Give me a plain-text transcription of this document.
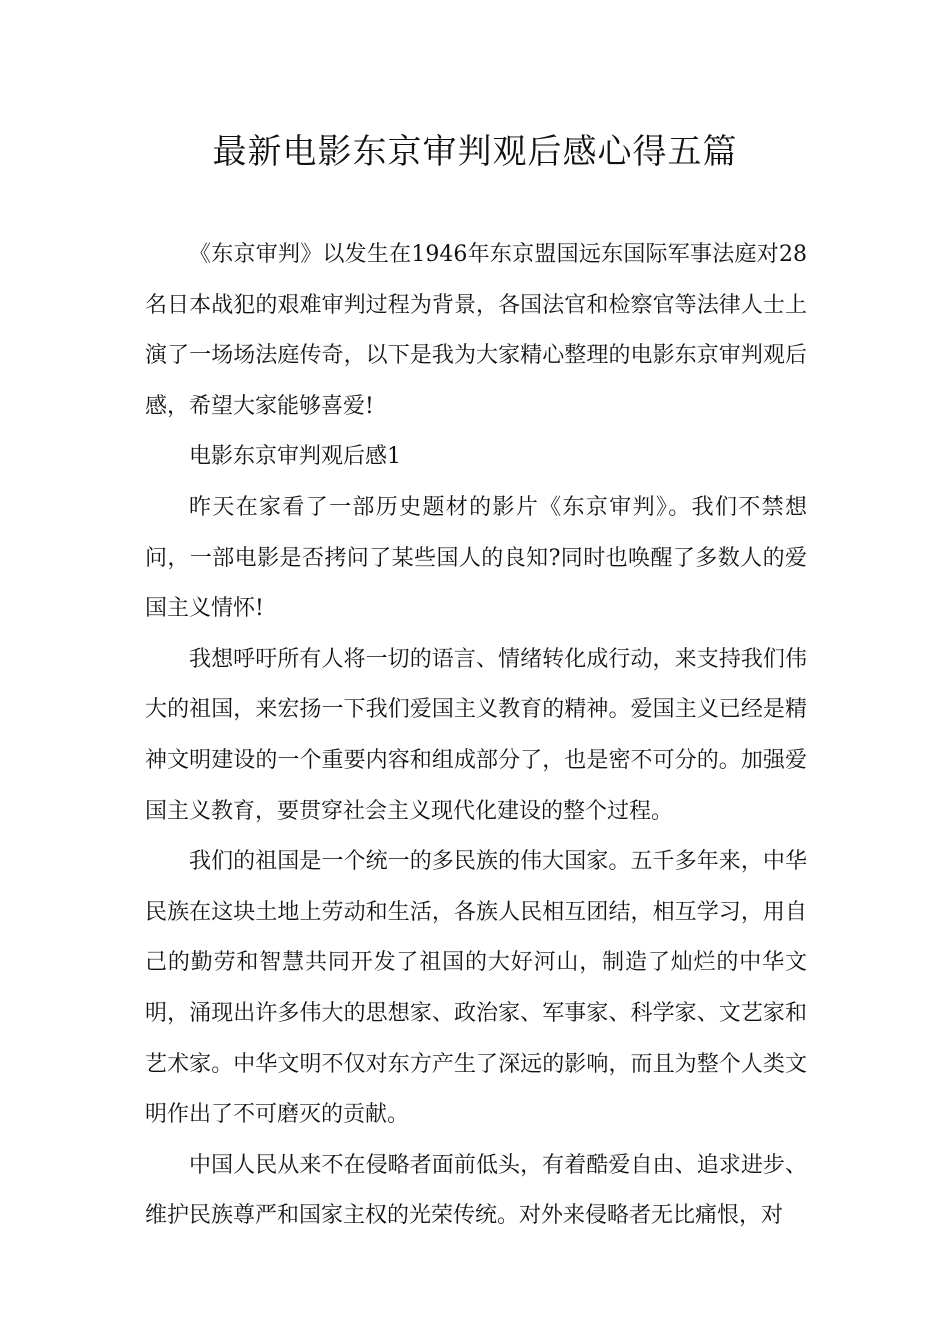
最新电影东京审判观后感心得五篇

《东京审判》以发生在1946年东京盟国远东国际军事法庭对28名日本战犯的艰难审判过程为背景，各国法官和检察官等法律人士上演了一场场法庭传奇，以下是我为大家精心整理的电影东京审判观后感，希望大家能够喜爱!

电影东京审判观后感1

昨天在家看了一部历史题材的影片《东京审判》。我们不禁想问，一部电影是否拷问了某些国人的良知?同时也唤醒了多数人的爱国主义情怀!

我想呼吁所有人将一切的语言、情绪转化成行动，来支持我们伟大的祖国，来宏扬一下我们爱国主义教育的精神。爱国主义已经是精神文明建设的一个重要内容和组成部分了，也是密不可分的。加强爱国主义教育，要贯穿社会主义现代化建设的整个过程。

我们的祖国是一个统一的多民族的伟大国家。五千多年来，中华民族在这块土地上劳动和生活，各族人民相互团结，相互学习，用自己的勤劳和智慧共同开发了祖国的大好河山，制造了灿烂的中华文明，涌现出许多伟大的思想家、政治家、军事家、科学家、文艺家和艺术家。中华文明不仅对东方产生了深远的影响，而且为整个人类文明作出了不可磨灭的贡献。

中国人民从来不在侵略者面前低头，有着酷爱自由、追求进步、维护民族尊严和国家主权的光荣传统。对外来侵略者无比痛恨，对
